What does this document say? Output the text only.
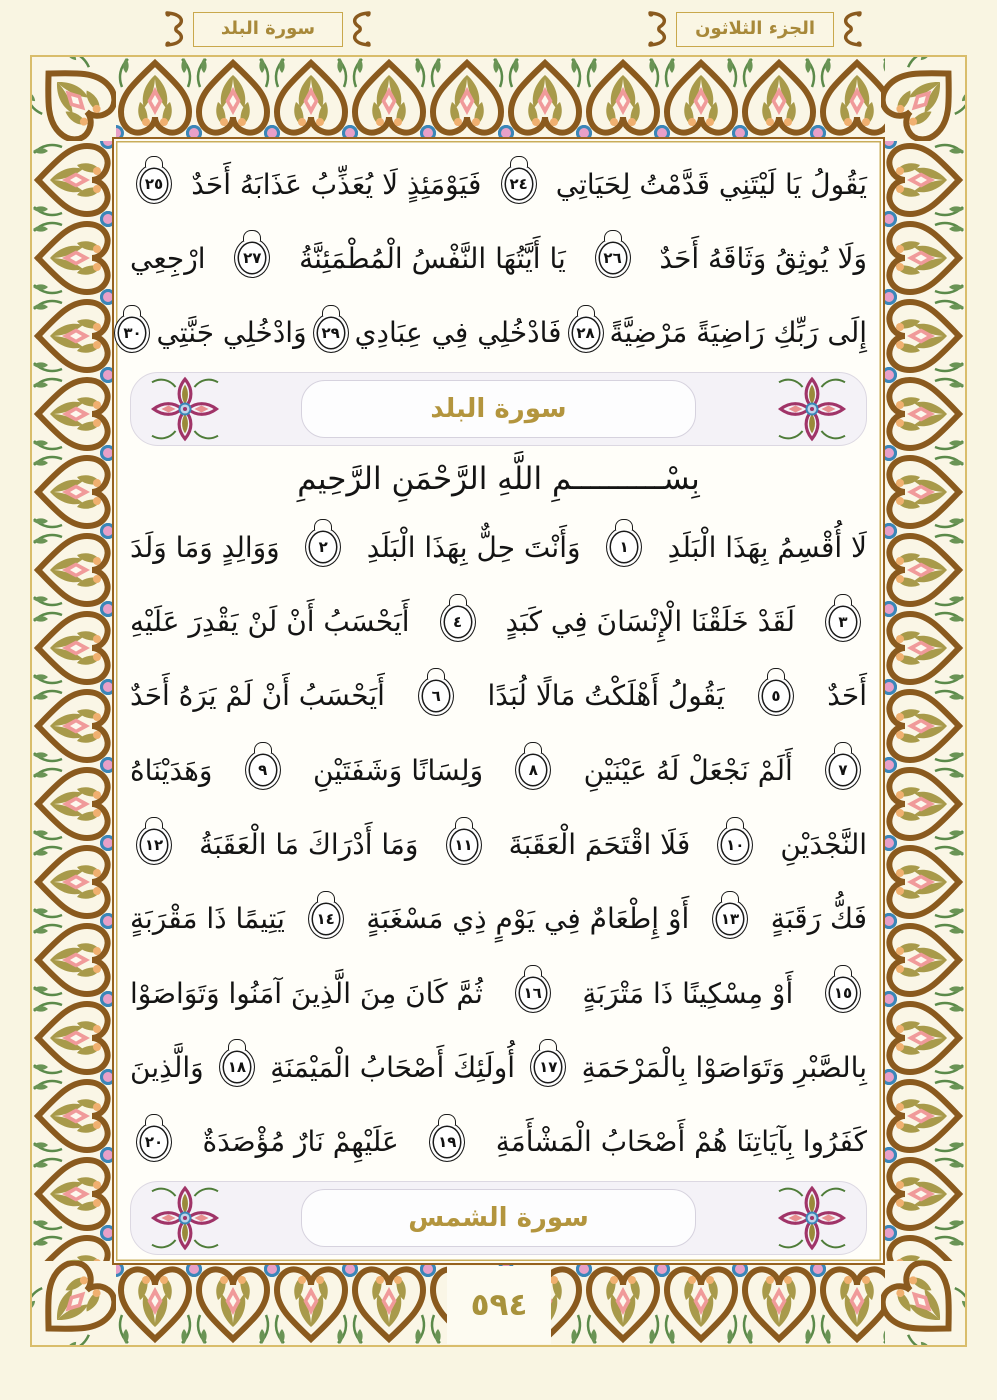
سورة البلد	الجزء الثلاثون
يَقُولُ يَا لَيْتَنِي قَدَّمْتُ لِحَيَاتِي
٢٤
فَيَوْمَئِذٍ لَا يُعَذِّبُ عَذَابَهُ أَحَدٌ
٢٥
وَلَا يُوثِقُ وَثَاقَهُ أَحَدٌ
٢٦
يَا أَيَّتُهَا النَّفْسُ الْمُطْمَئِنَّةُ
٢٧
ارْجِعِي
إِلَى رَبِّكِ رَاضِيَةً مَرْضِيَّةً
٢٨
فَادْخُلِي فِي عِبَادِي
٢٩
وَادْخُلِي جَنَّتِي
٣٠
سورة البلد
بِسْــــــــــمِ اللَّهِ الرَّحْمَنِ الرَّحِيمِ
لَا أُقْسِمُ بِهَذَا الْبَلَدِ
١
وَأَنْتَ حِلٌّ بِهَذَا الْبَلَدِ
٢
وَوَالِدٍ وَمَا وَلَدَ
٣
لَقَدْ خَلَقْنَا الْإِنْسَانَ فِي كَبَدٍ
٤
أَيَحْسَبُ أَنْ لَنْ يَقْدِرَ عَلَيْهِ
أَحَدٌ
٥
يَقُولُ أَهْلَكْتُ مَالًا لُبَدًا
٦
أَيَحْسَبُ أَنْ لَمْ يَرَهُ أَحَدٌ
٧
أَلَمْ نَجْعَلْ لَهُ عَيْنَيْنِ
٨
وَلِسَانًا وَشَفَتَيْنِ
٩
وَهَدَيْنَاهُ
النَّجْدَيْنِ
١٠
فَلَا اقْتَحَمَ الْعَقَبَةَ
١١
وَمَا أَدْرَاكَ مَا الْعَقَبَةُ
١٢
فَكُّ رَقَبَةٍ
١٣
أَوْ إِطْعَامٌ فِي يَوْمٍ ذِي مَسْغَبَةٍ
١٤
يَتِيمًا ذَا مَقْرَبَةٍ
١٥
أَوْ مِسْكِينًا ذَا مَتْرَبَةٍ
١٦
ثُمَّ كَانَ مِنَ الَّذِينَ آمَنُوا وَتَوَاصَوْا
بِالصَّبْرِ وَتَوَاصَوْا بِالْمَرْحَمَةِ
١٧
أُولَئِكَ أَصْحَابُ الْمَيْمَنَةِ
١٨
وَالَّذِينَ
كَفَرُوا بِآيَاتِنَا هُمْ أَصْحَابُ الْمَشْأَمَةِ
١٩
عَلَيْهِمْ نَارٌ مُؤْصَدَةٌ
٢٠
سورة الشمس
٥٩٤
